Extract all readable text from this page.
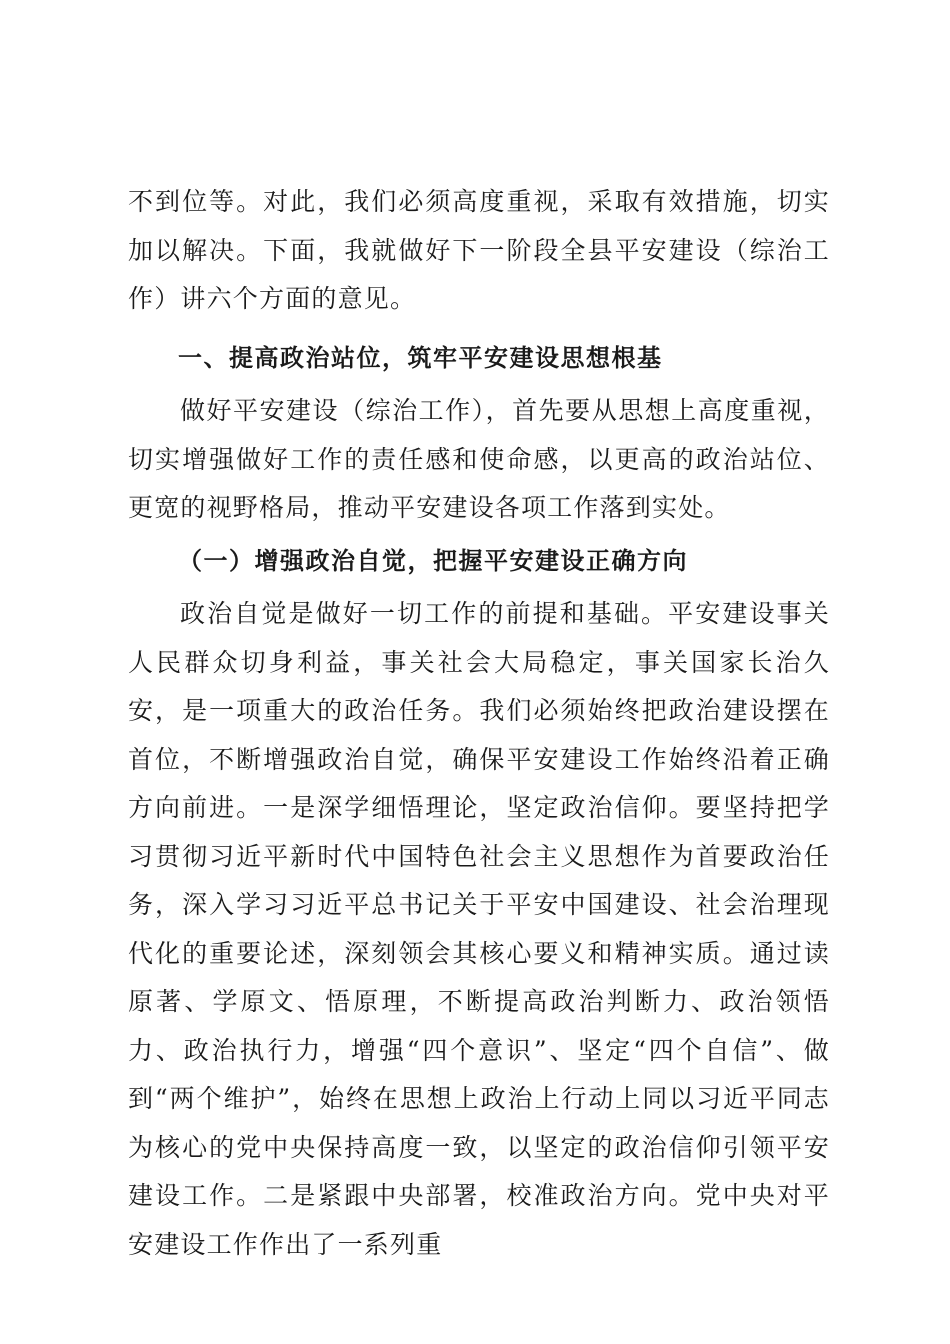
不到位等。对此，我们必须高度重视，采取有效措施，切实加以解决。下面，我就做好下一阶段全县平安建设（综治工作）讲六个方面的意见。

一、提高政治站位，筑牢平安建设思想根基

做好平安建设（综治工作），首先要从思想上高度重视，切实增强做好工作的责任感和使命感，以更高的政治站位、更宽的视野格局，推动平安建设各项工作落到实处。

（一）增强政治自觉，把握平安建设正确方向

政治自觉是做好一切工作的前提和基础。平安建设事关人民群众切身利益，事关社会大局稳定，事关国家长治久安，是一项重大的政治任务。我们必须始终把政治建设摆在首位，不断增强政治自觉，确保平安建设工作始终沿着正确方向前进。一是深学细悟理论，坚定政治信仰。要坚持把学习贯彻习近平新时代中国特色社会主义思想作为首要政治任务，深入学习习近平总书记关于平安中国建设、社会治理现代化的重要论述，深刻领会其核心要义和精神实质。通过读原著、学原文、悟原理，不断提高政治判断力、政治领悟力、政治执行力，增强“四个意识”、坚定“四个自信”、做到“两个维护”，始终在思想上政治上行动上同以习近平同志为核心的党中央保持高度一致，以坚定的政治信仰引领平安建设工作。二是紧跟中央部署，校准政治方向。党中央对平安建设工作作出了一系列重
